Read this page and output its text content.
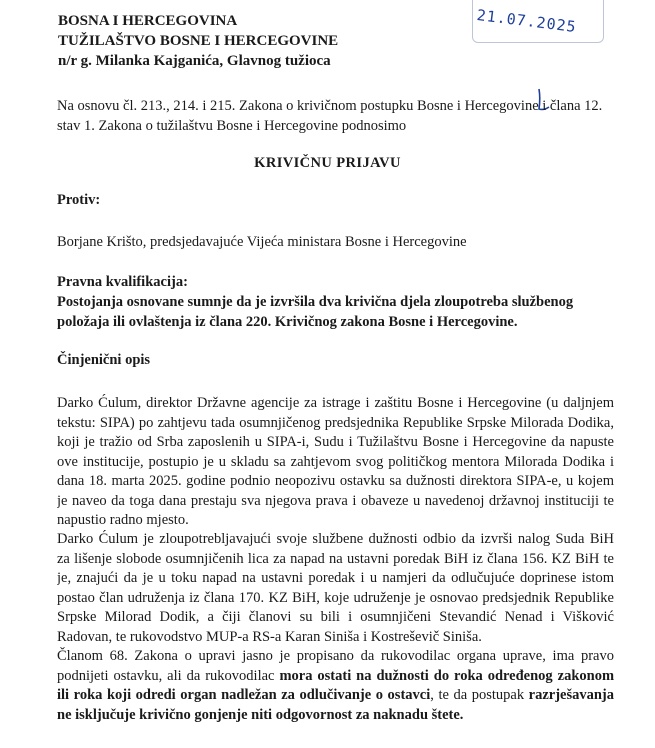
21.07.2025
BOSNA I HERCEGOVINA
TUŽILAŠTVO BOSNE I HERCEGOVINE
n/r g. Milanka Kajganića, Glavnog tužioca
Na osnovu čl. 213., 214. i 215. Zakona o krivičnom postupku Bosne i Hercegovine i člana 12.
stav 1. Zakona o tužilaštvu Bosne i Hercegovine podnosimo
KRIVIČNU PRIJAVU
Protiv:
Borjane Krišto, predsjedavajuće Vijeća ministara Bosne i Hercegovine
Pravna kvalifikacija:
Postojanja osnovane sumnje da je izvršila dva krivična djela zloupotreba službenog
položaja ili ovlaštenja iz člana 220. Krivičnog zakona Bosne i Hercegovine.
Činjenični opis
Darko Ćulum, direktor Državne agencije za istrage i zaštitu Bosne i Hercegovine (u daljnjem
tekstu: SIPA) po zahtjevu tada osumnjičenog predsjednika Republike Srpske Milorada Dodika,
koji je tražio od Srba zaposlenih u SIPA-i, Sudu i Tužilaštvu Bosne i Hercegovine da napuste
ove institucije, postupio je u skladu sa zahtjevom svog političkog mentora Milorada Dodika i
dana 18. marta 2025. godine podnio neopozivu ostavku sa dužnosti direktora SIPA-e, u kojem
je naveo da toga dana prestaju sva njegova prava i obaveze u navedenoj državnoj instituciji te
napustio radno mjesto.
Darko Ćulum je zloupotrebljavajući svoje službene dužnosti odbio da izvrši nalog Suda BiH
za lišenje slobode osumnjičenih lica za napad na ustavni poredak BiH iz člana 156. KZ BiH te
je, znajući da je u toku napad na ustavni poredak i u namjeri da odlučujuće doprinese istom
postao član udruženja iz člana 170. KZ BiH, koje udruženje je osnovao predsjednik Republike
Srpske Milorad Dodik, a čiji članovi su bili i osumnjičeni Stevandić Nenad i Višković
Radovan, te rukovodstvo MUP-a RS-a Karan Siniša i Kostreševič Siniša.
Članom 68. Zakona o upravi jasno je propisano da rukovodilac organa uprave, ima pravo
podnijeti ostavku, ali da rukovodilac mora ostati na dužnosti do roka određenog zakonom
ili roka koji odredi organ nadležan za odlučivanje o ostavci, te da postupak razrješavanja
ne isključuje krivično gonjenje niti odgovornost za naknadu štete.
